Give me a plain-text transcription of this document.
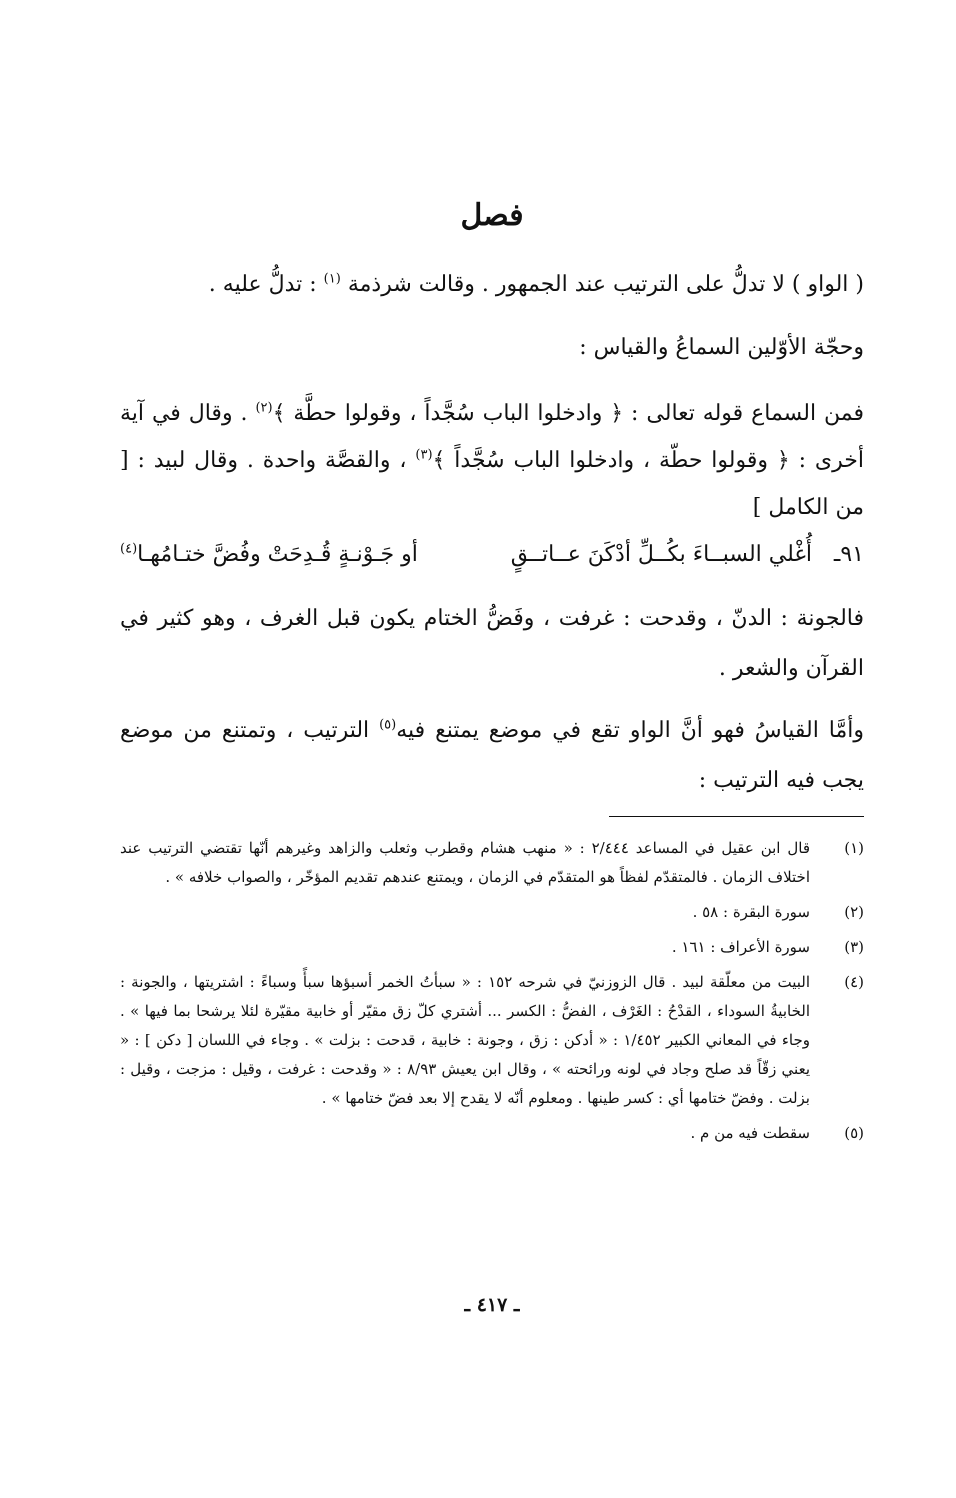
فصل

( الواو ) لا تدلُّ على الترتيب عند الجمهور . وقالت شرذمة $^{(١)}$ : تدلُّ عليه .

وحجّة الأوّلين السماعُ والقياس :

فمن السماع قوله تعالى : ﴿ وادخلوا الباب سُجَّداً ، وقولوا حطَّة ﴾$^{(٢)}$ . وقال في آية أخرى : ﴿ وقولوا حطّة ، وادخلوا الباب سُجَّداً ﴾$^{(٣)}$ ، والقصَّة واحدة . وقال لبيد : [ من الكامل ]

٩١ـ
أُغْلي السبــاءَ بكُــلِّ أدْكَنَ عــاتــقٍ
أو جَـوْنـةٍ قُـدِحَتْ وفُضَّ ختـامُهـا$^{(٤)}$

فالجونة : الدنّ ، وقدحت : غرفت ، وفَضُّ الختام يكون قبل الغرف ، وهو كثير في القرآن والشعر .

وأمَّا القياسُ فهو أنَّ الواو تقع في موضع يمتنع فيه$^{(٥)}$ الترتيب ، وتمتنع من موضع يجب فيه الترتيب :

(١)
قال ابن عقيل في المساعد ٢/٤٤٤ : « منهب هشام وقطرب وثعلب والزاهد وغيرهم أنّها تقتضي الترتيب عند اختلاف الزمان . فالمتقدّم لفظاً هو المتقدّم في الزمان ، ويمتنع عندهم تقديم المؤخّر ، والصواب خلافه » .
(٢)
سورة البقرة : ٥٨ .
(٣)
سورة الأعراف : ١٦١ .
(٤)
البيت من معلّقة لبيد . قال الزوزنيّ في شرحه ١٥٢ : « سبأتُ الخمر أسبؤها سبأً وسباءً : اشتريتها ، والجونة : الخابيةُ السوداء ، القدْحُ : الغَرْف ، الفضُّ : الكسر ... أشتري كلّ زق مقيّر أو خابية مقيّرة لئلا يرشحا بما فيها » . وجاء في المعاني الكبير ١/٤٥٢ : « أدكن : زق ، وجونة : خابية ، قدحت : بزلت » . وجاء في اللسان [ دكن ] : « يعني زقّاً قد صلح وجاد في لونه ورائحته » ، وقال ابن يعيش ٨/٩٣ : « وقدحت : غرفت ، وقيل : مزجت ، وقيل : بزلت . وفضّ ختامها أي : كسر طينها . ومعلوم أنّه لا يقدح إلا بعد فضّ ختامها » .
(٥)
سقطت فيه من م .
ـ ٤١٧ ـ
